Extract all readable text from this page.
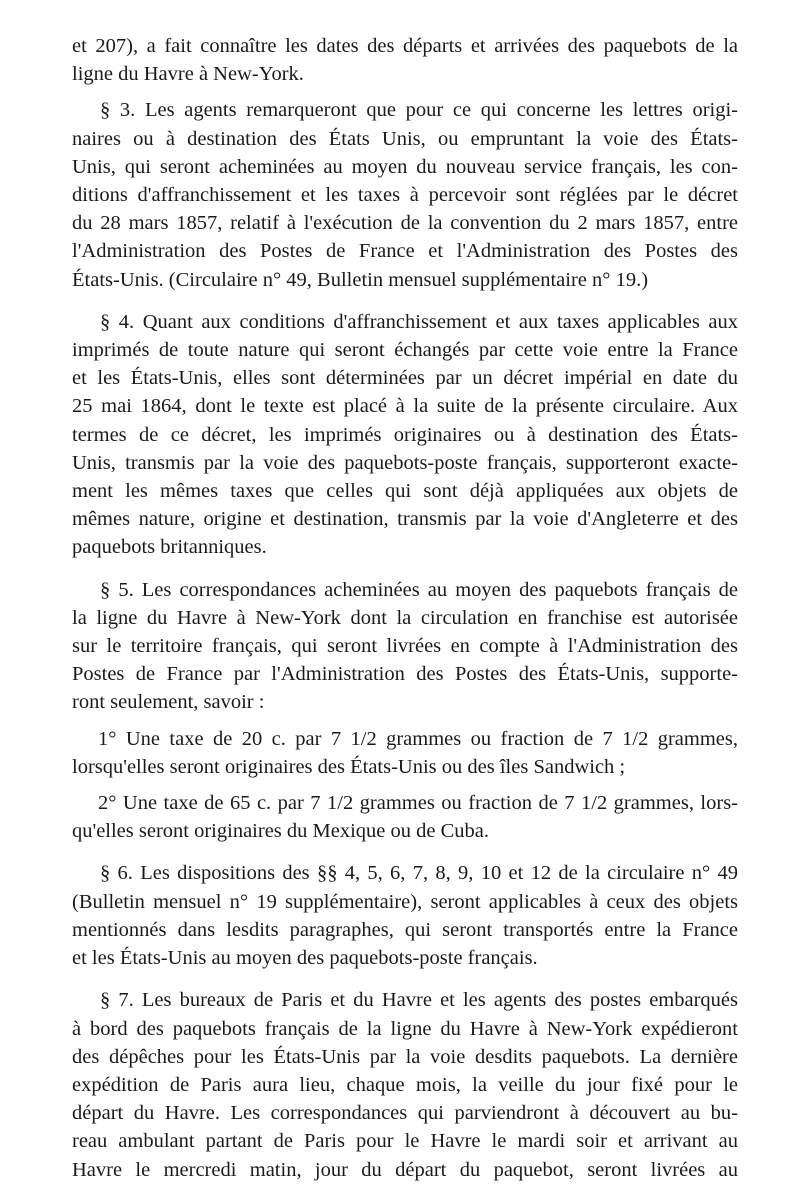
et 207), a fait connaître les dates des départs et arrivées des paquebots de la
ligne du Havre à New-York.

§ 3. Les agents remarqueront que pour ce qui concerne les lettres origi-
naires ou à destination des États Unis, ou empruntant la voie des États-
Unis, qui seront acheminées au moyen du nouveau service français, les con-
ditions d'affranchissement et les taxes à percevoir sont réglées par le décret
du 28 mars 1857, relatif à l'exécution de la convention du 2 mars 1857, entre
l'Administration des Postes de France et l'Administration des Postes des
États-Unis. (Circulaire n° 49, Bulletin mensuel supplémentaire n° 19.)

§ 4. Quant aux conditions d'affranchissement et aux taxes applicables aux
imprimés de toute nature qui seront échangés par cette voie entre la France
et les États-Unis, elles sont déterminées par un décret impérial en date du
25 mai 1864, dont le texte est placé à la suite de la présente circulaire. Aux
termes de ce décret, les imprimés originaires ou à destination des États-
Unis, transmis par la voie des paquebots-poste français, supporteront exacte-
ment les mêmes taxes que celles qui sont déjà appliquées aux objets de
mêmes nature, origine et destination, transmis par la voie d'Angleterre et des
paquebots britanniques.

§ 5. Les correspondances acheminées au moyen des paquebots français de
la ligne du Havre à New-York dont la circulation en franchise est autorisée
sur le territoire français, qui seront livrées en compte à l'Administration des
Postes de France par l'Administration des Postes des États-Unis, supporte-
ront seulement, savoir :

1° Une taxe de 20 c. par 7 1/2 grammes ou fraction de 7 1/2 grammes,
lorsqu'elles seront originaires des États-Unis ou des îles Sandwich ;

2° Une taxe de 65 c. par 7 1/2 grammes ou fraction de 7 1/2 grammes, lors-
qu'elles seront originaires du Mexique ou de Cuba.

§ 6. Les dispositions des §§ 4, 5, 6, 7, 8, 9, 10 et 12 de la circulaire n° 49
(Bulletin mensuel n° 19 supplémentaire), seront applicables à ceux des objets
mentionnés dans lesdits paragraphes, qui seront transportés entre la France
et les États-Unis au moyen des paquebots-poste français.

§ 7. Les bureaux de Paris et du Havre et les agents des postes embarqués
à bord des paquebots français de la ligne du Havre à New-York expédieront
des dépêches pour les États-Unis par la voie desdits paquebots. La dernière
expédition de Paris aura lieu, chaque mois, la veille du jour fixé pour le
départ du Havre. Les correspondances qui parviendront à découvert au bu-
reau ambulant partant de Paris pour le Havre le mardi soir et arrivant au
Havre le mercredi matin, jour du départ du paquebot, seront livrées au
